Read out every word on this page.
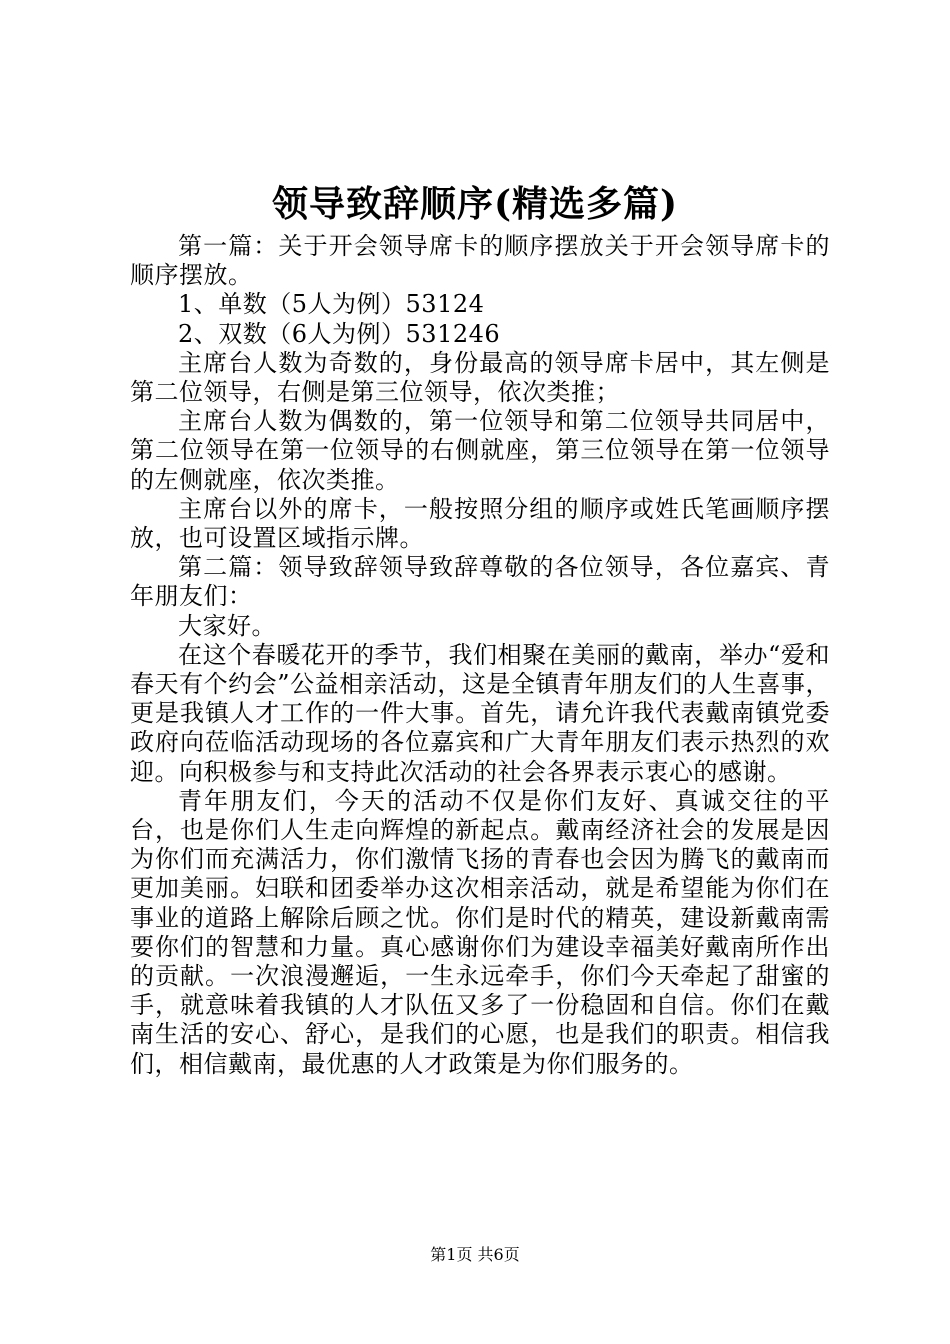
领导致辞顺序(精选多篇)

第一篇：关于开会领导席卡的顺序摆放关于开会领导席卡的顺序摆放。

1、单数（5人为例）53124

2、双数（6人为例）531246

主席台人数为奇数的，身份最高的领导席卡居中，其左侧是第二位领导，右侧是第三位领导，依次类推；

主席台人数为偶数的，第一位领导和第二位领导共同居中，第二位领导在第一位领导的右侧就座，第三位领导在第一位领导的左侧就座，依次类推。

主席台以外的席卡，一般按照分组的顺序或姓氏笔画顺序摆放，也可设置区域指示牌。

第二篇：领导致辞领导致辞尊敬的各位领导，各位嘉宾、青年朋友们：

大家好。

在这个春暖花开的季节，我们相聚在美丽的戴南，举办“爱和春天有个约会”公益相亲活动，这是全镇青年朋友们的人生喜事，更是我镇人才工作的一件大事。首先，请允许我代表戴南镇党委政府向莅临活动现场的各位嘉宾和广大青年朋友们表示热烈的欢迎。向积极参与和支持此次活动的社会各界表示衷心的感谢。

青年朋友们，今天的活动不仅是你们友好、真诚交往的平台，也是你们人生走向辉煌的新起点。戴南经济社会的发展是因为你们而充满活力，你们激情飞扬的青春也会因为腾飞的戴南而更加美丽。妇联和团委举办这次相亲活动，就是希望能为你们在事业的道路上解除后顾之忧。你们是时代的精英，建设新戴南需要你们的智慧和力量。真心感谢你们为建设幸福美好戴南所作出的贡献。一次浪漫邂逅，一生永远牵手，你们今天牵起了甜蜜的手，就意味着我镇的人才队伍又多了一份稳固和自信。你们在戴南生活的安心、舒心，是我们的心愿，也是我们的职责。相信我们，相信戴南，最优惠的人才政策是为你们服务的。

第1页 共6页
